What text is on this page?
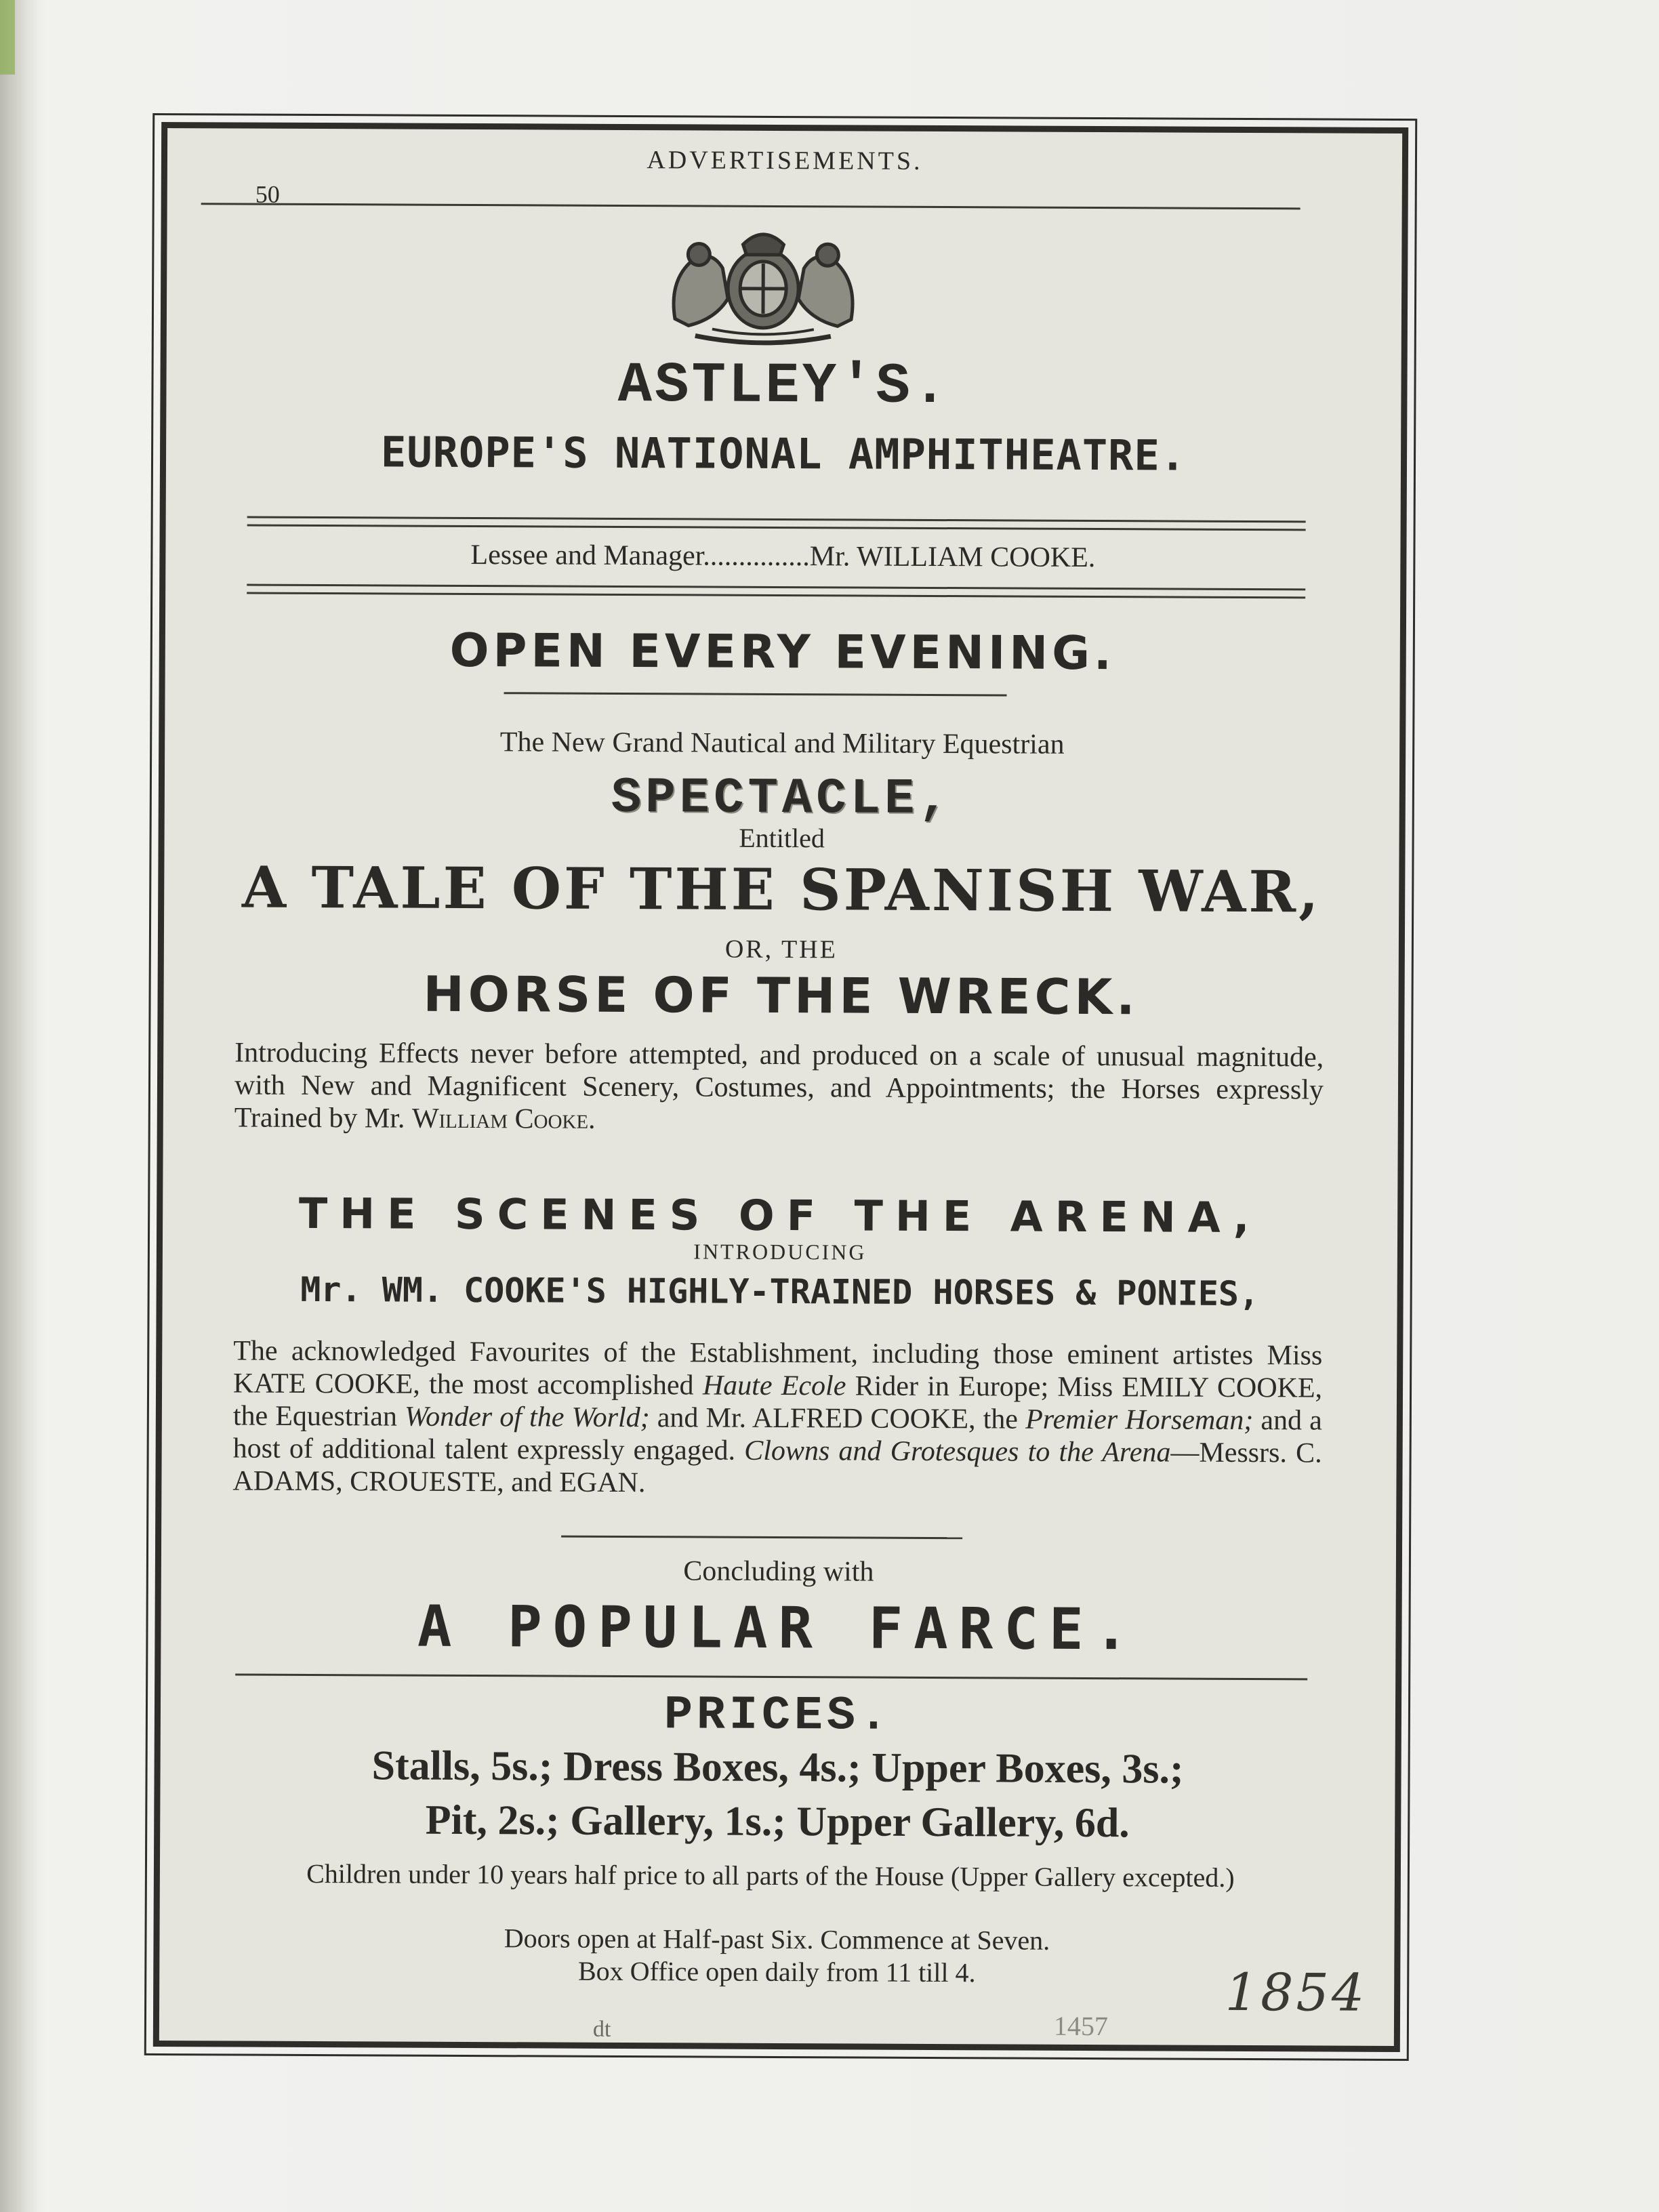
ADVERTISEMENTS.
50
ASTLEY'S.
EUROPE'S NATIONAL AMPHITHEATRE.
Lessee and Manager...............Mr. WILLIAM COOKE.
OPEN EVERY EVENING.
The New Grand Nautical and Military Equestrian
SPECTACLE,
Entitled
A TALE OF THE SPANISH WAR,
OR, THE
HORSE OF THE WRECK.
Introducing Effects never before attempted, and produced on a scale of unusual magnitude, with New and Magnificent Scenery, Costumes, and Appointments; the Horses expressly Trained by Mr. William Cooke.
THE SCENES OF THE ARENA,
INTRODUCING
Mr. WM. COOKE'S HIGHLY-TRAINED HORSES & PONIES,
The acknowledged Favourites of the Establishment, including those eminent artistes Miss KATE COOKE, the most accomplished Haute Ecole Rider in Europe; Miss EMILY COOKE, the Equestrian Wonder of the World; and Mr. ALFRED COOKE, the Premier Horseman; and a host of additional talent expressly engaged. Clowns and Grotesques to the Arena—Messrs. C. ADAMS, CROUESTE, and EGAN.
Concluding with
A POPULAR FARCE.
PRICES.
Stalls, 5s.; Dress Boxes, 4s.; Upper Boxes, 3s.;
Pit, 2s.; Gallery, 1s.; Upper Gallery, 6d.
Children under 10 years half price to all parts of the House (Upper Gallery excepted.)
Doors open at Half-past Six. Commence at Seven.
Box Office open daily from 11 till 4.
dt	1457
1854
